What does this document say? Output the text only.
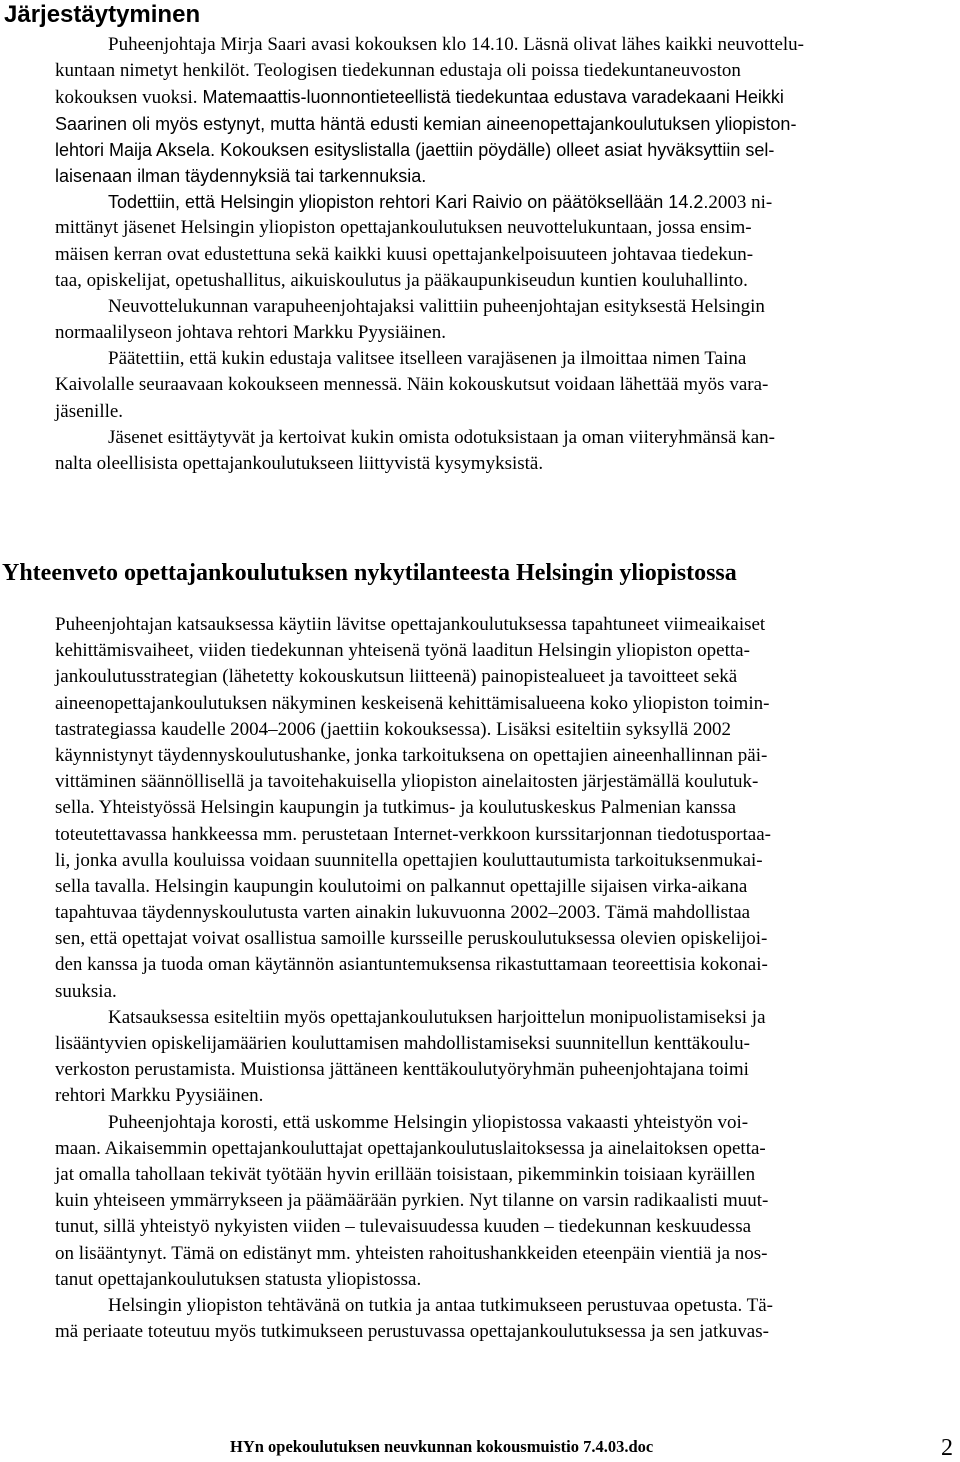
Järjestäytyminen
Puheenjohtaja Mirja Saari avasi kokouksen klo 14.10. Läsnä olivat lähes kaikki neuvottelu-
kuntaan nimetyt henkilöt. Teologisen tiedekunnan edustaja oli poissa tiedekuntaneuvoston
kokouksen vuoksi. Matemaattis-luonnontieteellistä tiedekuntaa edustava varadekaani Heikki
Saarinen oli myös estynyt, mutta häntä edusti kemian aineenopettajankoulutuksen yliopiston-
lehtori Maija Aksela. Kokouksen esityslistalla (jaettiin pöydälle) olleet asiat hyväksyttiin sel-
laisenaan ilman täydennyksiä tai tarkennuksia.
Todettiin, että Helsingin yliopiston rehtori Kari Raivio on päätöksellään 14.2.2003 ni-
mittänyt jäsenet Helsingin yliopiston opettajankoulutuksen neuvottelukuntaan, jossa ensim-
mäisen kerran ovat edustettuna sekä kaikki kuusi opettajankelpoisuuteen johtavaa tiedekun-
taa, opiskelijat, opetushallitus, aikuiskoulutus ja pääkaupunkiseudun kuntien kouluhallinto.
Neuvottelukunnan varapuheenjohtajaksi valittiin puheenjohtajan esityksestä Helsingin
normaalilyseon johtava rehtori Markku Pyysiäinen.
Päätettiin, että kukin edustaja valitsee itselleen varajäsenen ja ilmoittaa nimen Taina
Kaivolalle seuraavaan kokoukseen mennessä. Näin kokouskutsut voidaan lähettää myös vara-
jäsenille.
Jäsenet esittäytyvät ja kertoivat kukin omista odotuksistaan ja oman viiteryhmänsä kan-
nalta oleellisista opettajankoulutukseen liittyvistä kysymyksistä.
Yhteenveto opettajankoulutuksen nykytilanteesta Helsingin yliopistossa
Puheenjohtajan katsauksessa käytiin lävitse opettajankoulutuksessa tapahtuneet viimeaikaiset
kehittämisvaiheet, viiden tiedekunnan yhteisenä työnä laaditun Helsingin yliopiston opetta-
jankoulutusstrategian (lähetetty kokouskutsun liitteenä) painopistealueet ja tavoitteet sekä
aineenopettajankoulutuksen näkyminen keskeisenä kehittämisalueena koko yliopiston toimin-
tastrategiassa kaudelle 2004–2006 (jaettiin kokouksessa). Lisäksi esiteltiin syksyllä 2002
käynnistynyt täydennyskoulutushanke, jonka tarkoituksena on opettajien aineenhallinnan päi-
vittäminen säännöllisellä ja tavoitehakuisella yliopiston ainelaitosten järjestämällä koulutuk-
sella. Yhteistyössä Helsingin kaupungin ja tutkimus- ja koulutuskeskus Palmenian kanssa
toteutettavassa hankkeessa mm. perustetaan Internet-verkkoon kurssitarjonnan tiedotusportaa-
li, jonka avulla kouluissa voidaan suunnitella opettajien kouluttautumista tarkoituksenmukai-
sella tavalla. Helsingin kaupungin koulutoimi on palkannut opettajille sijaisen virka-aikana
tapahtuvaa täydennyskoulutusta varten ainakin lukuvuonna 2002–2003. Tämä mahdollistaa
sen, että opettajat voivat osallistua samoille kursseille peruskoulutuksessa olevien opiskelijoi-
den kanssa ja tuoda oman käytännön asiantuntemuksensa rikastuttamaan teoreettisia kokonai-
suuksia.
Katsauksessa esiteltiin myös opettajankoulutuksen harjoittelun monipuolistamiseksi ja
lisääntyvien opiskelijamäärien kouluttamisen mahdollistamiseksi suunnitellun kenttäkoulu-
verkoston perustamista. Muistionsa jättäneen kenttäkoulutyöryhmän puheenjohtajana toimi
rehtori Markku Pyysiäinen.
Puheenjohtaja korosti, että uskomme Helsingin yliopistossa vakaasti yhteistyön voi-
maan. Aikaisemmin opettajankouluttajat opettajankoulutuslaitoksessa ja ainelaitoksen opetta-
jat omalla tahollaan tekivät työtään hyvin erillään toisistaan, pikemminkin toisiaan kyräillen
kuin yhteiseen ymmärrykseen ja päämäärään pyrkien. Nyt tilanne on varsin radikaalisti muut-
tunut, sillä yhteistyö nykyisten viiden – tulevaisuudessa kuuden – tiedekunnan keskuudessa
on lisääntynyt. Tämä on edistänyt mm. yhteisten rahoitushankkeiden eteenpäin vientiä ja nos-
tanut opettajankoulutuksen statusta yliopistossa.
Helsingin yliopiston tehtävänä on tutkia ja antaa tutkimukseen perustuvaa opetusta. Tä-
mä periaate toteutuu myös tutkimukseen perustuvassa opettajankoulutuksessa ja sen jatkuvas-
HYn opekoulutuksen neuvkunnan kokousmuistio 7.4.03.doc	2
